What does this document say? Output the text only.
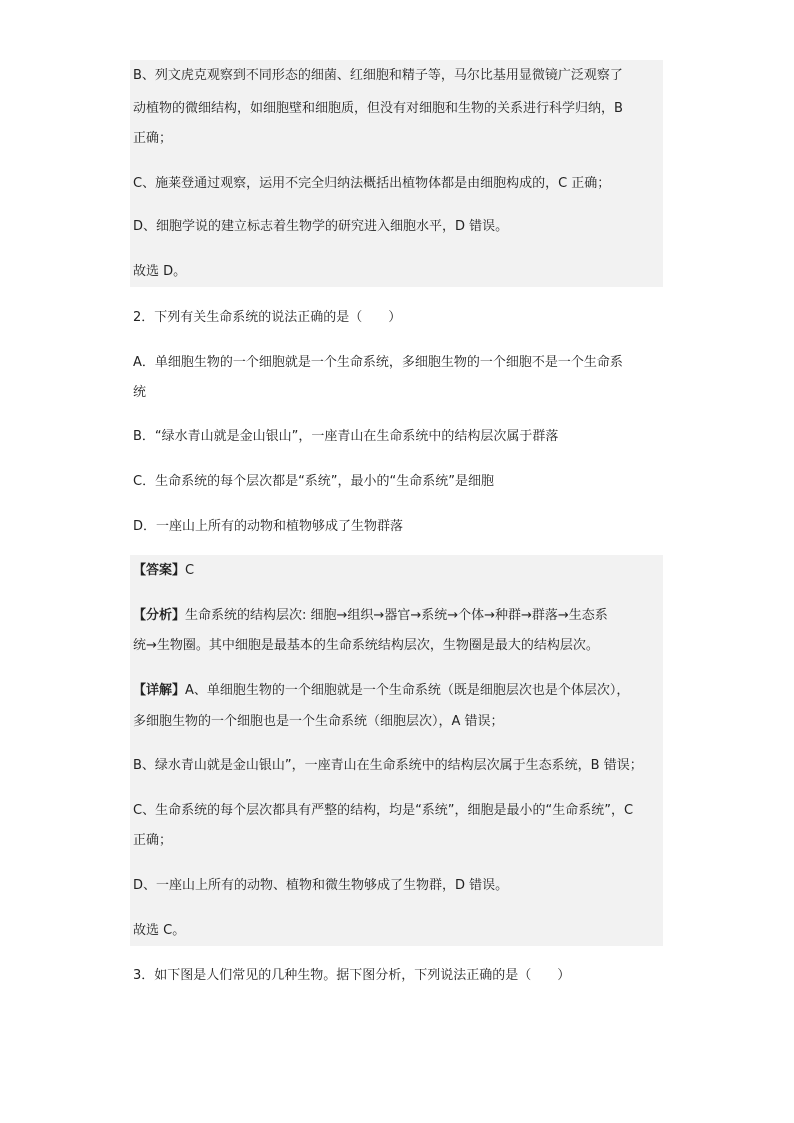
B、列文虎克观察到不同形态的细菌、红细胞和精子等，马尔比基用显微镜广泛观察了
动植物的微细结构，如细胞壁和细胞质，但没有对细胞和生物的关系进行科学归纳，B
正确；
C、施莱登通过观察，运用不完全归纳法概括出植物体都是由细胞构成的，C 正确；
D、细胞学说的建立标志着生物学的研究进入细胞水平，D 错误。
故选 D。
2．下列有关生命系统的说法正确的是（　　）
A．单细胞生物的一个细胞就是一个生命系统，多细胞生物的一个细胞不是一个生命系
统
B．“绿水青山就是金山银山”，一座青山在生命系统中的结构层次属于群落
C．生命系统的每个层次都是“系统”，最小的“生命系统”是细胞
D．一座山上所有的动物和植物够成了生物群落
【答案】C
【分析】生命系统的结构层次: 细胞→组织→器官→系统→个体→种群→群落→生态系
统→生物圈。其中细胞是最基本的生命系统结构层次，生物圈是最大的结构层次。
【详解】A、单细胞生物的一个细胞就是一个生命系统（既是细胞层次也是个体层次），
多细胞生物的一个细胞也是一个生命系统（细胞层次），A 错误；
B、绿水青山就是金山银山”，一座青山在生命系统中的结构层次属于生态系统，B 错误；
C、生命系统的每个层次都具有严整的结构，均是“系统”，细胞是最小的“生命系统”，C
正确；
D、一座山上所有的动物、植物和微生物够成了生物群，D 错误。
故选 C。
3．如下图是人们常见的几种生物。据下图分析，下列说法正确的是（　　）
